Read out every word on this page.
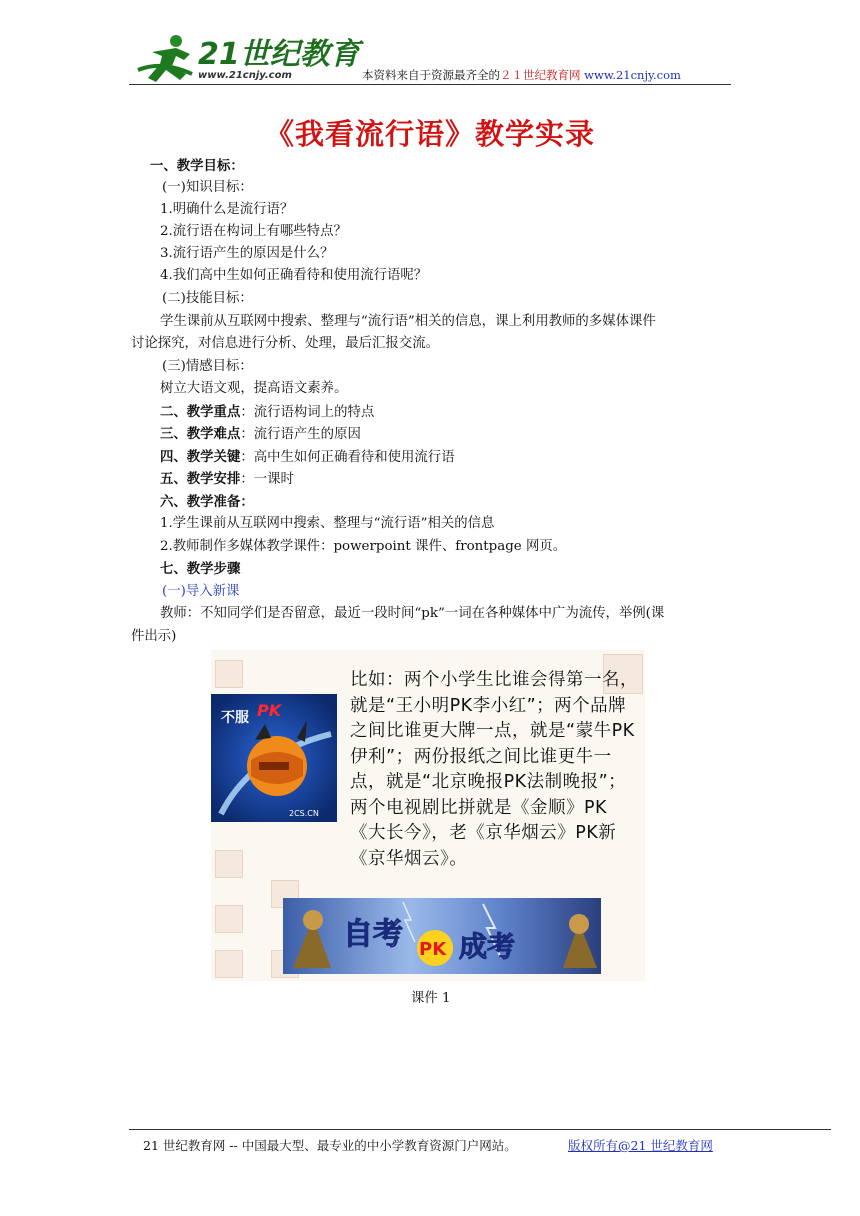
21世纪教育
www.21cnjy.com	本资料来自于资源最齐全的２１世纪教育网 www.21cnjy.com
《我看流行语》教学实录
一、教学目标：
(一)知识目标：
1.明确什么是流行语？
2.流行语在构词上有哪些特点？
3.流行语产生的原因是什么？
4.我们高中生如何正确看待和使用流行语呢？
(二)技能目标：
学生课前从互联网中搜索、整理与“流行语”相关的信息，课上利用教师的多媒体课件
讨论探究，对信息进行分析、处理，最后汇报交流。
(三)情感目标：
树立大语文观，提高语文素养。
二、教学重点：流行语构词上的特点
三、教学难点：流行语产生的原因
四、教学关键：高中生如何正确看待和使用流行语
五、教学安排：一课时
六、教学准备：
1.学生课前从互联网中搜索、整理与“流行语”相关的信息
2.教师制作多媒体教学课件：powerpoint 课件、frontpage 网页。
七、教学步骤
(一)导入新课
教师：不知同学们是否留意，最近一段时间“pk”一词在各种媒体中广为流传，举例(课
件出示)
不服 PK
2CS.CN
比如：两个小学生比谁会得第一名，就是“王小明PK李小红”；两个品牌之间比谁更大牌一点，就是“蒙牛PK伊利”；两份报纸之间比谁更牛一点，就是“北京晚报PK法制晚报”；两个电视剧比拼就是《金顺》PK《大长今》，老《京华烟云》PK新《京华烟云》。
自考 PK 成考
课件 1
21 世纪教育网 -- 中国最大型、最专业的中小学教育资源门户网站。	版权所有@21 世纪教育网
